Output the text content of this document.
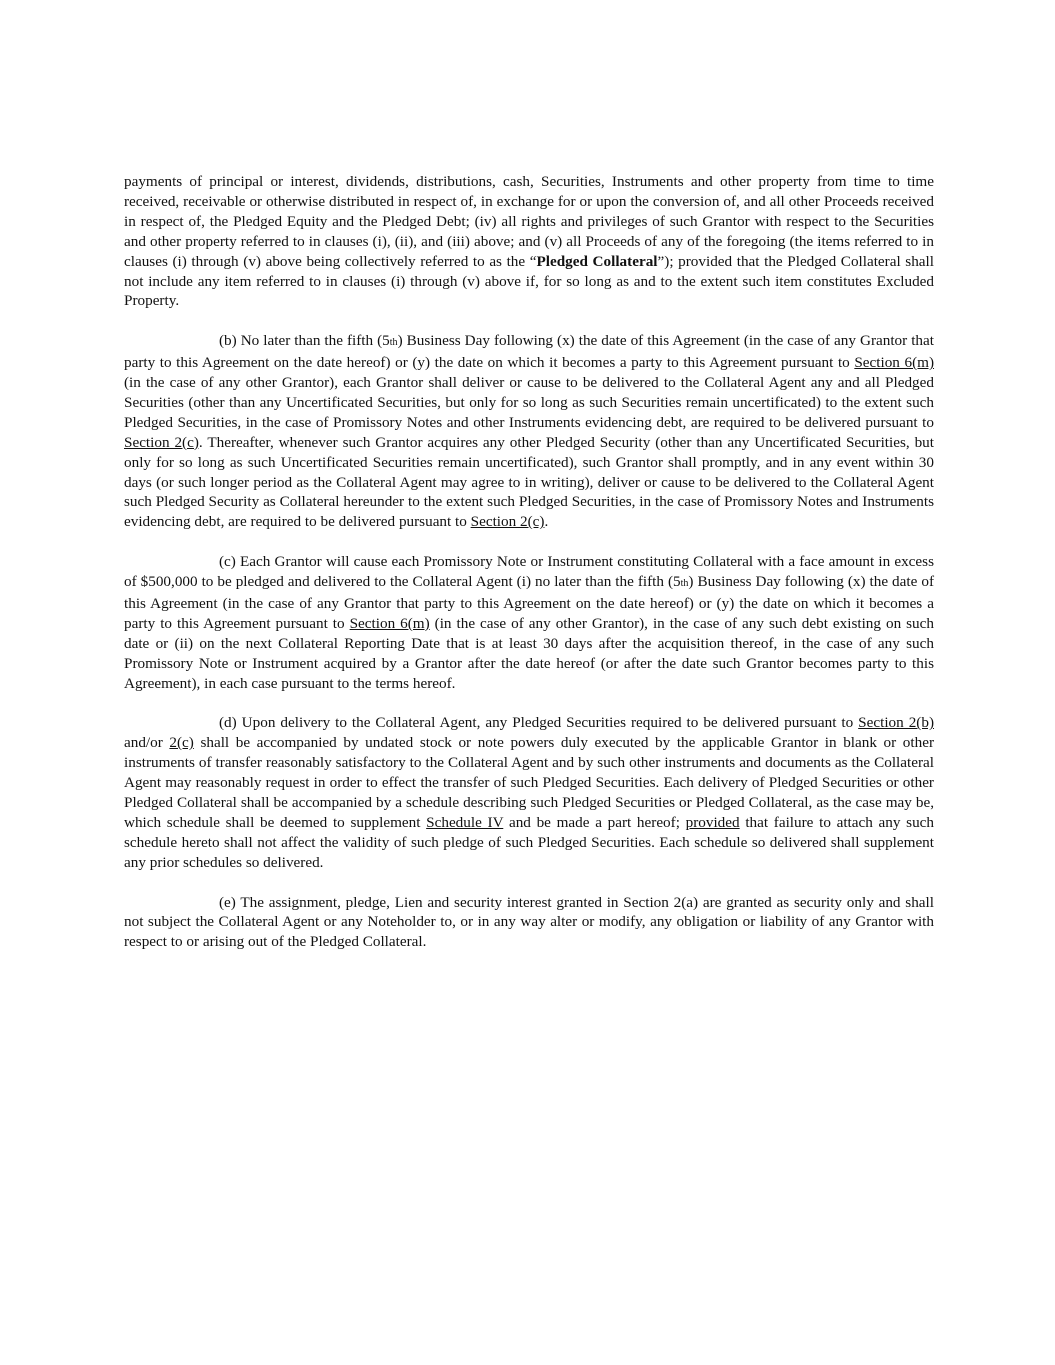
payments of principal or interest, dividends, distributions, cash, Securities, Instruments and other property from time to time received, receivable or otherwise distributed in respect of, in exchange for or upon the conversion of, and all other Proceeds received in respect of, the Pledged Equity and the Pledged Debt; (iv) all rights and privileges of such Grantor with respect to the Securities and other property referred to in clauses (i), (ii), and (iii) above; and (v) all Proceeds of any of the foregoing (the items referred to in clauses (i) through (v) above being collectively referred to as the “Pledged Collateral”); provided that the Pledged Collateral shall not include any item referred to in clauses (i) through (v) above if, for so long as and to the extent such item constitutes Excluded Property.

(b) No later than the fifth (5th) Business Day following (x) the date of this Agreement (in the case of any Grantor that party to this Agreement on the date hereof) or (y) the date on which it becomes a party to this Agreement pursuant to Section 6(m) (in the case of any other Grantor), each Grantor shall deliver or cause to be delivered to the Collateral Agent any and all Pledged Securities (other than any Uncertificated Securities, but only for so long as such Securities remain uncertificated) to the extent such Pledged Securities, in the case of Promissory Notes and other Instruments evidencing debt, are required to be delivered pursuant to Section 2(c). Thereafter, whenever such Grantor acquires any other Pledged Security (other than any Uncertificated Securities, but only for so long as such Uncertificated Securities remain uncertificated), such Grantor shall promptly, and in any event within 30 days (or such longer period as the Collateral Agent may agree to in writing), deliver or cause to be delivered to the Collateral Agent such Pledged Security as Collateral hereunder to the extent such Pledged Securities, in the case of Promissory Notes and Instruments evidencing debt, are required to be delivered pursuant to Section 2(c).

(c) Each Grantor will cause each Promissory Note or Instrument constituting Collateral with a face amount in excess of $500,000 to be pledged and delivered to the Collateral Agent (i) no later than the fifth (5th) Business Day following (x) the date of this Agreement (in the case of any Grantor that party to this Agreement on the date hereof) or (y) the date on which it becomes a party to this Agreement pursuant to Section 6(m) (in the case of any other Grantor), in the case of any such debt existing on such date or (ii) on the next Collateral Reporting Date that is at least 30 days after the acquisition thereof, in the case of any such Promissory Note or Instrument acquired by a Grantor after the date hereof (or after the date such Grantor becomes party to this Agreement), in each case pursuant to the terms hereof.

(d) Upon delivery to the Collateral Agent, any Pledged Securities required to be delivered pursuant to Section 2(b) and/or 2(c) shall be accompanied by undated stock or note powers duly executed by the applicable Grantor in blank or other instruments of transfer reasonably satisfactory to the Collateral Agent and by such other instruments and documents as the Collateral Agent may reasonably request in order to effect the transfer of such Pledged Securities. Each delivery of Pledged Securities or other Pledged Collateral shall be accompanied by a schedule describing such Pledged Securities or Pledged Collateral, as the case may be, which schedule shall be deemed to supplement Schedule IV and be made a part hereof; provided that failure to attach any such schedule hereto shall not affect the validity of such pledge of such Pledged Securities. Each schedule so delivered shall supplement any prior schedules so delivered.

(e) The assignment, pledge, Lien and security interest granted in Section 2(a) are granted as security only and shall not subject the Collateral Agent or any Noteholder to, or in any way alter or modify, any obligation or liability of any Grantor with respect to or arising out of the Pledged Collateral.
